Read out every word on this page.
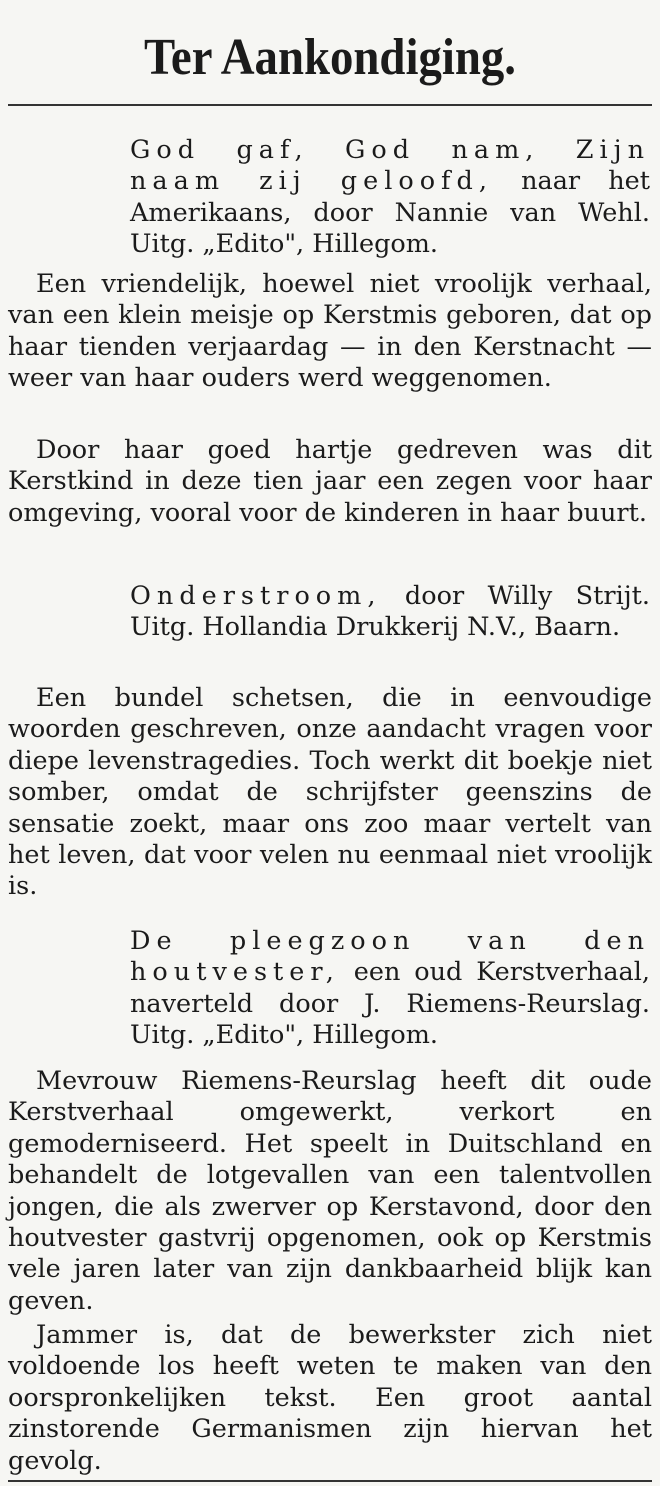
Ter Aankondiging.
God gaf, God nam, Zijn naam zij geloofd, naar het Amerikaans, door Nannie van Wehl. Uitg. „Edito", Hillegom.

Een vriendelijk, hoewel niet vroolijk verhaal, van een klein meisje op Kerstmis geboren, dat op haar tienden verjaardag — in den Kerstnacht — weer van haar ouders werd weggenomen.

Door haar goed hartje gedreven was dit Kerstkind in deze tien jaar een zegen voor haar omgeving, vooral voor de kinderen in haar buurt.

Onderstroom, door Willy Strijt. Uitg. Hollandia Drukkerij N.V., Baarn.

Een bundel schetsen, die in eenvoudige woorden geschreven, onze aandacht vragen voor diepe levenstragedies. Toch werkt dit boekje niet somber, omdat de schrijfster geenszins de sensatie zoekt, maar ons zoo maar vertelt van het leven, dat voor velen nu eenmaal niet vroolijk is.

De pleegzoon van den houtvester, een oud Kerstverhaal, naverteld door J. Riemens-Reurslag. Uitg. „Edito", Hillegom.

Mevrouw Riemens-Reurslag heeft dit oude Kerstverhaal omgewerkt, verkort en gemoderniseerd. Het speelt in Duitschland en behandelt de lotgevallen van een talentvollen jongen, die als zwerver op Kerstavond, door den houtvester gastvrij opgenomen, ook op Kerstmis vele jaren later van zijn dankbaarheid blijk kan geven.

Jammer is, dat de bewerkster zich niet voldoende los heeft weten te maken van den oorspronkelijken tekst. Een groot aantal zinstorende Germanismen zijn hiervan het gevolg.
